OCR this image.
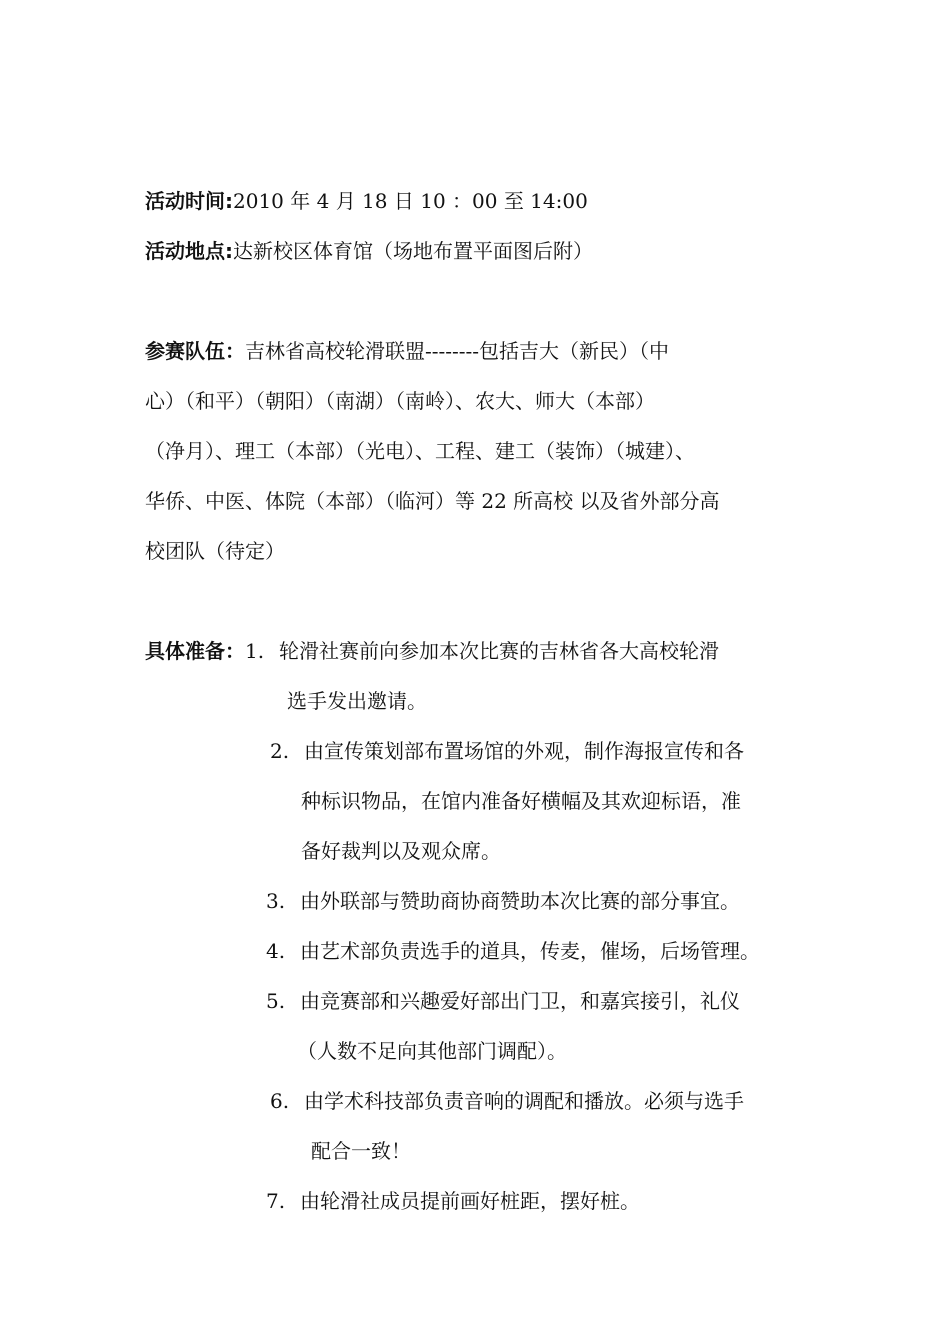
活动时间:2010 年 4 月 18 日 10 ：00 至 14:00
活动地点:达新校区体育馆（场地布置平面图后附）
参赛队伍：吉林省高校轮滑联盟--------包括吉大（新民）（中
心）（和平）（朝阳）（南湖）（南岭）、农大、师大（本部）
（净月）、理工（本部）（光电）、工程、建工（装饰）（城建）、
华侨、中医、体院（本部）（临河）等 22 所高校 以及省外部分高
校团队（待定）
具体准备：1. 轮滑社赛前向参加本次比赛的吉林省各大高校轮滑
选手发出邀请。
2. 由宣传策划部布置场馆的外观，制作海报宣传和各
种标识物品，在馆内准备好横幅及其欢迎标语，准
备好裁判以及观众席。
3. 由外联部与赞助商协商赞助本次比赛的部分事宜。
4. 由艺术部负责选手的道具，传麦，催场，后场管理。
5. 由竞赛部和兴趣爱好部出门卫，和嘉宾接引，礼仪
（人数不足向其他部门调配）。
6. 由学术科技部负责音响的调配和播放。必须与选手
配合一致！
7. 由轮滑社成员提前画好桩距，摆好桩。
